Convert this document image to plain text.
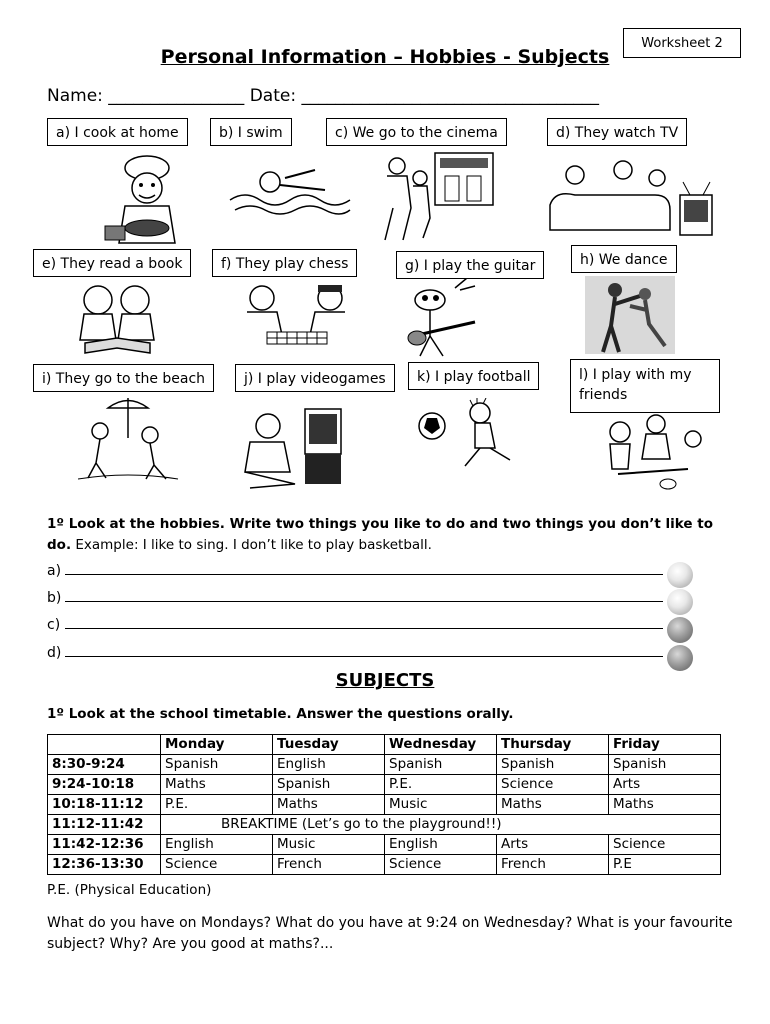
Worksheet 2
Personal Information – Hobbies - Subjects
Name: ________________ Date: ___________________________________
a) I cook at home	b) I swim	c) We go to the cinema	d) They watch TV
e) They read a book	f) They play chess	g) I play the guitar	h) We dance
i) They go to the beach	j) I play videogames	k) I play football	l) I play with my friends
1º Look at the hobbies. Write two things you like to do and two things you don’t like to do. Example: I like to sing. I don’t like to play basketball.
a)
b)
c)
d)
SUBJECTS
1º Look at the school timetable. Answer the questions orally.
	Monday	Tuesday	Wednesday	Thursday	Friday
8:30-9:24	Spanish	English	Spanish	Spanish	Spanish
9:24-10:18	Maths	Spanish	P.E.	Science	Arts
10:18-11:12	P.E.	Maths	Music	Maths	Maths
11:12-11:42	BREAKTIME (Let’s go to the playground!!)				
11:42-12:36	English	Music	English	Arts	Science
12:36-13:30	Science	French	Science	French	P.E
P.E. (Physical Education)
What do you have on Mondays? What do you have at 9:24 on Wednesday? What is your favourite subject? Why? Are you good at maths?...
